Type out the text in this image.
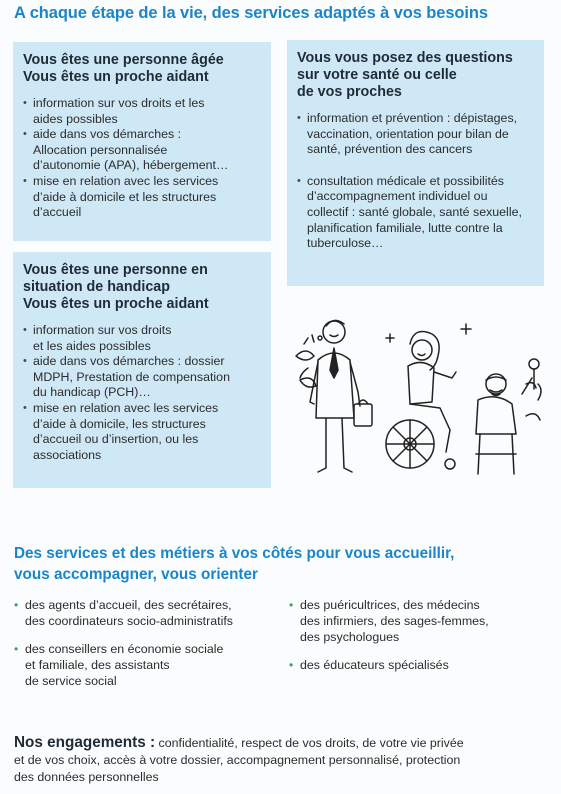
A chaque étape de la vie, des services adaptés à vos besoins
Vous êtes une personne âgée
Vous êtes un proche aidant
• information sur vos droits et les
aides possibles
• aide dans vos démarches :
Allocation personnalisée
d’autonomie (APA), hébergement…
• mise en relation avec les services
d’aide à domicile et les structures
d’accueil
Vous vous posez des questions
sur votre santé ou celle
de vos proches
• information et prévention : dépistages,
vaccination, orientation pour bilan de
santé, prévention des cancers
• consultation médicale et possibilités
d’accompagnement individuel ou
collectif : santé globale, santé sexuelle,
planification familiale, lutte contre la
tuberculose…
Vous êtes une personne en
situation de handicap
Vous êtes un proche aidant
• information sur vos droits
et les aides possibles
• aide dans vos démarches : dossier
MDPH, Prestation de compensation
du handicap (PCH)…
• mise en relation avec les services
d’aide à domicile, les structures
d’accueil ou d’insertion, ou les
associations
Des services et des métiers à vos côtés pour vous accueillir,
vous accompagner, vous orienter
• des agents d’accueil, des secrétaires,
des coordinateurs socio-administratifs
• des conseillers en économie sociale
et familiale, des assistants
de service social
• des puéricultrices, des médecins
des infirmiers, des sages-femmes,
des psychologues
• des éducateurs spécialisés
Nos engagements : confidentialité, respect de vos droits, de votre vie privée
et de vos choix, accès à votre dossier, accompagnement personnalisé, protection
des données personnelles
